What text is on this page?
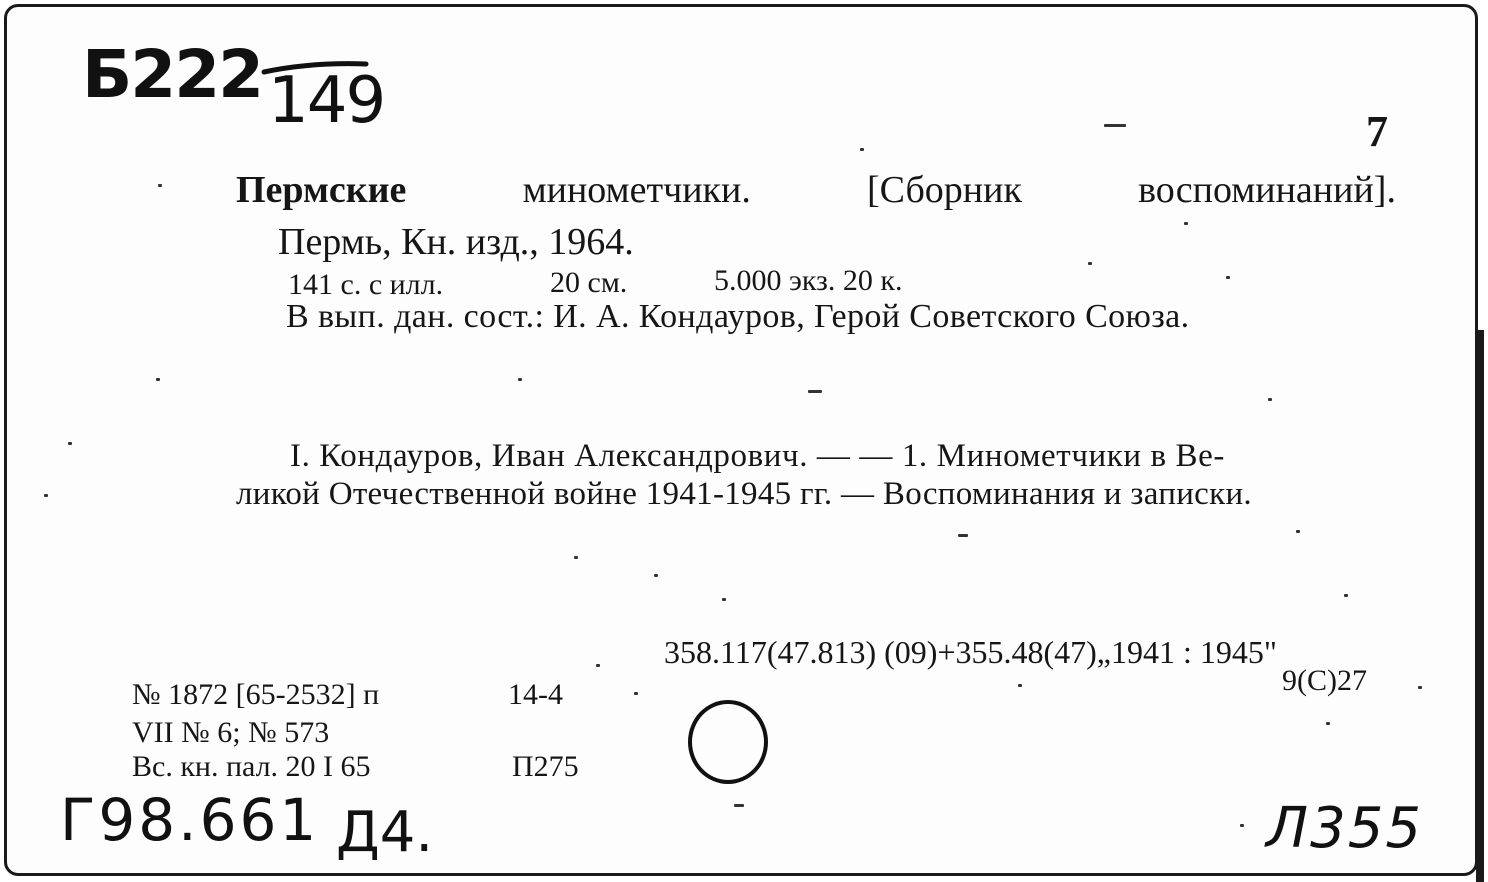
Б222 149	7
Пермские	минометчики.	[Сборник	воспоминаний].
Пермь, Кн. изд., 1964.
141 с. с илл.	20 см.	5.000 экз. 20 к.
В вып. дан. сост.: И. А. Кондауров, Герой Советского Союза.
I. Кондауров, Иван Александрович. — — 1. Минометчики в Ве-
ликой Отечественной войне 1941-1945 гг. — Воспоминания и записки.
358.117(47.813) (09)+355.48(47)„1941 : 1945"
9(С)27
№ 1872 [65-2532] п	14-4
VII № 6; № 573
Вс. кн. пал. 20 I 65	П275
Г98.661 Д4.	Л355
